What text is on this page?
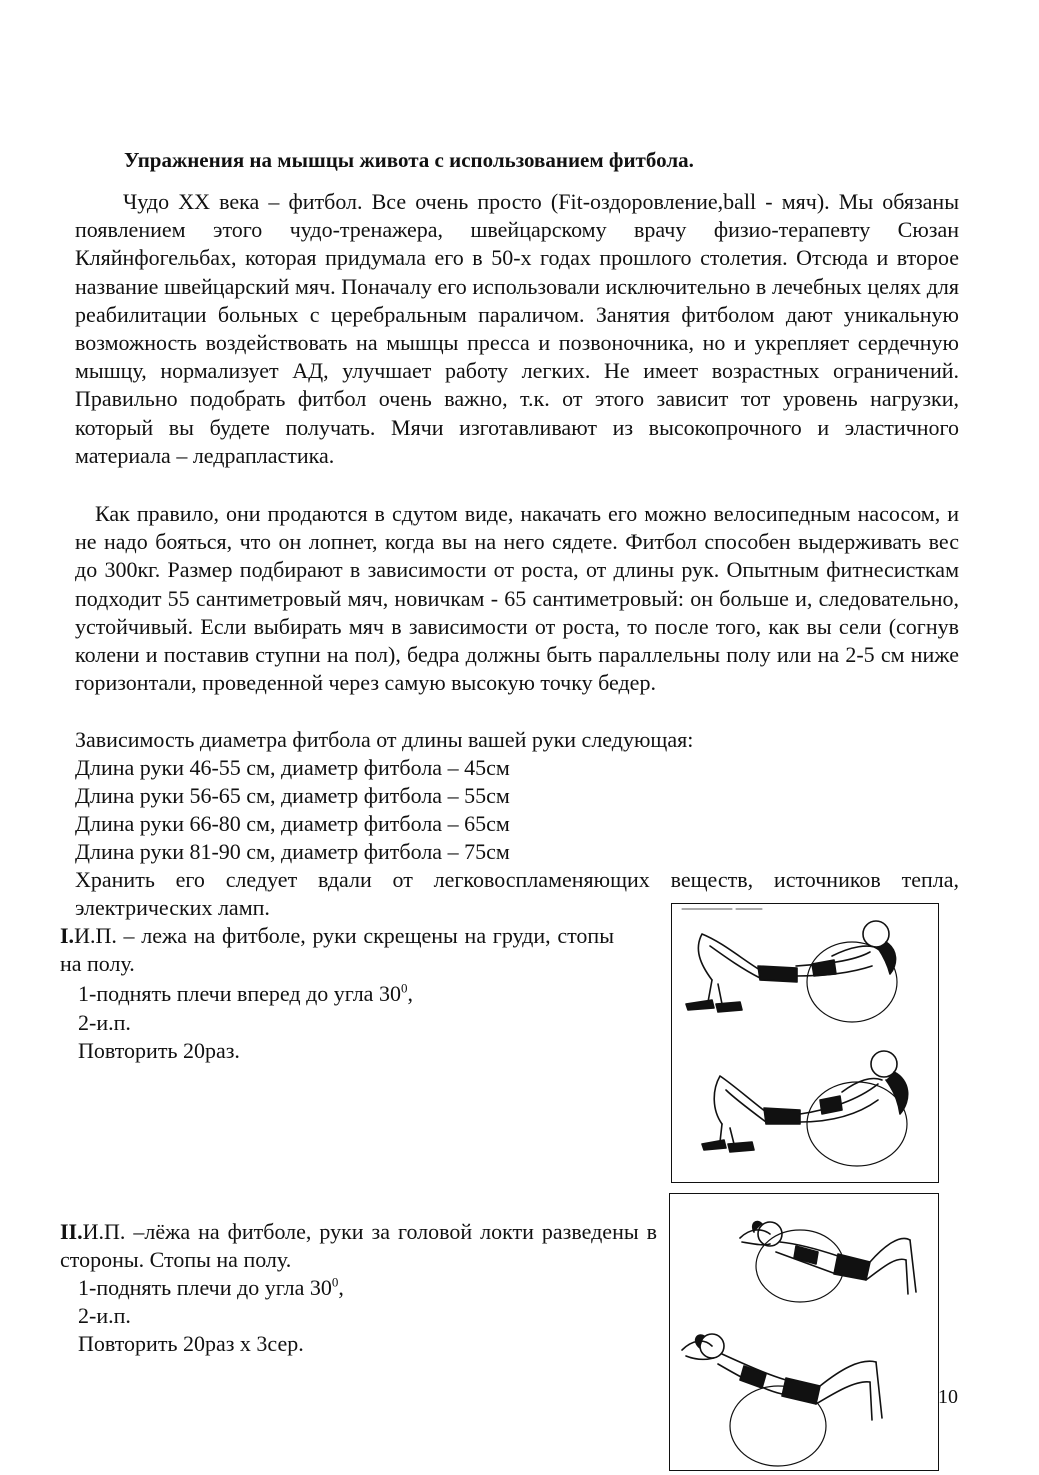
Упражнения на мышцы живота с использованием фитбола.
Чудо XX века – фитбол. Все очень просто (Fit-оздоровление,ball - мяч). Мы обязаны появлением этого чудо-тренажера, швейцарскому врачу физио-терапевту Сюзан Кляйнфогельбах, которая придумала его в 50-х годах прошлого столетия. Отсюда и второе название швейцарский мяч. Поначалу его использовали исключительно в лечебных целях для реабилитации больных с церебральным параличом. Занятия фитболом дают уникальную возможность воздействовать на мышцы пресса и позвоночника, но и укрепляет сердечную мышцу, нормализует АД, улучшает работу легких. Не имеет возрастных ограничений. Правильно подобрать фитбол очень важно, т.к. от этого зависит тот уровень нагрузки, который вы будете получать. Мячи изготавливают из высокопрочного и эластичного материала – ледрапластика.
Как правило, они продаются в сдутом виде, накачать его можно велосипедным насосом, и не надо бояться, что он лопнет, когда вы на него сядете. Фитбол способен выдерживать вес до 300кг. Размер подбирают в зависимости от роста, от длины рук. Опытным фитнесисткам подходит 55 сантиметровый мяч, новичкам - 65 сантиметровый: он больше и, следовательно, устойчивый. Если выбирать мяч в зависимости от роста, то после того, как вы сели (согнув колени и поставив ступни на пол), бедра должны быть параллельны полу или на 2-5 см ниже горизонтали, проведенной через самую высокую точку бедер.
Зависимость диаметра фитбола от длины вашей руки следующая:
Длина руки 46-55 см, диаметр фитбола – 45см
Длина руки 56-65 см, диаметр фитбола – 55см
Длина руки 66-80 см, диаметр фитбола – 65см
Длина руки 81-90 см, диаметр фитбола – 75см
Хранить его следует вдали от легковоспламеняющих веществ, источников тепла,
электрических ламп.
I.И.П. – лежа на фитболе, руки скрещены на груди, стопына полу.
1-поднять плечи вперед до угла $30^0$,
2-и.п.
Повторить 20раз.
II.И.П. –лёжа на фитболе, руки за головой локти разведены в стороны. Стопы на полу.
1-поднять плечи до угла $30^0$,
2-и.п.
Повторить 20раз х 3сер.
10
